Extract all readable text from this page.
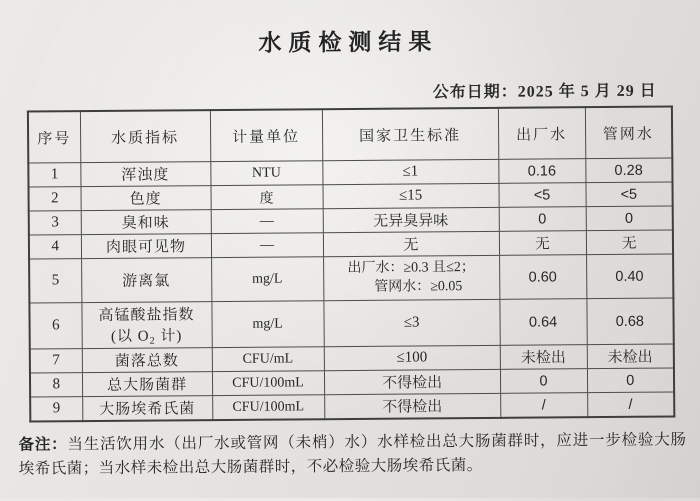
水质检测结果
公布日期：2025 年 5 月 29 日
序号	水质指标	计量单位	国家卫生标准	出厂水	管网水
1	浑浊度	NTU	≤1	0.16	0.28
2	色度	度	≤15	<5	<5
3	臭和味	—	无异臭异味	0	0
4	肉眼可见物	—	无	无	无
5	游离氯	mg/L	出厂水：≥0.3 且≤2；
管网水：≥0.05	0.60	0.40
6	高锰酸盐指数
(以 $O_2$ 计)	mg/L	≤3	0.64	0.68
7	菌落总数	CFU/mL	≤100	未检出	未检出
8	总大肠菌群	CFU/100mL	不得检出	0	0
9	大肠埃希氏菌	CFU/100mL	不得检出	/	/

备注：当生活饮用水（出厂水或管网（未梢）水）水样检出总大肠菌群时，应进一步检验大肠埃希氏菌；当水样未检出总大肠菌群时，不必检验大肠埃希氏菌。
